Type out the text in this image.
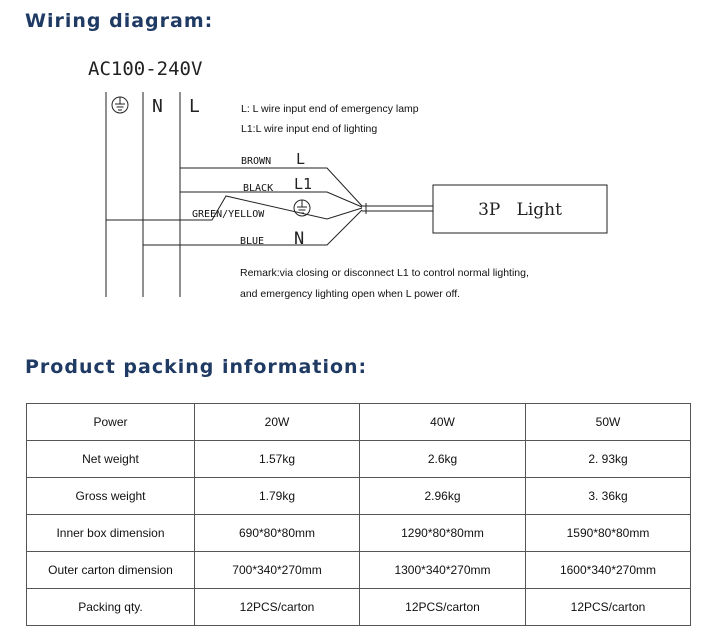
Wiring diagram:
AC100-240V
N L	L: L wire input end of emergency lamp
L1:L wire input end of lighting
BROWN L
BLACK L1
GREEN/YELLOW
BLUE N
3P   Light
Remark:via closing or disconnect L1 to control normal lighting,
and emergency lighting open when L power off.
Product packing information:
Power	20W	40W	50W
Net weight	1.57kg	2.6kg	2. 93kg
Gross weight	1.79kg	2.96kg	3. 36kg
Inner box dimension	690*80*80mm	1290*80*80mm	1590*80*80mm
Outer carton dimension	700*340*270mm	1300*340*270mm	1600*340*270mm
Packing qty.	12PCS/carton	12PCS/carton	12PCS/carton
